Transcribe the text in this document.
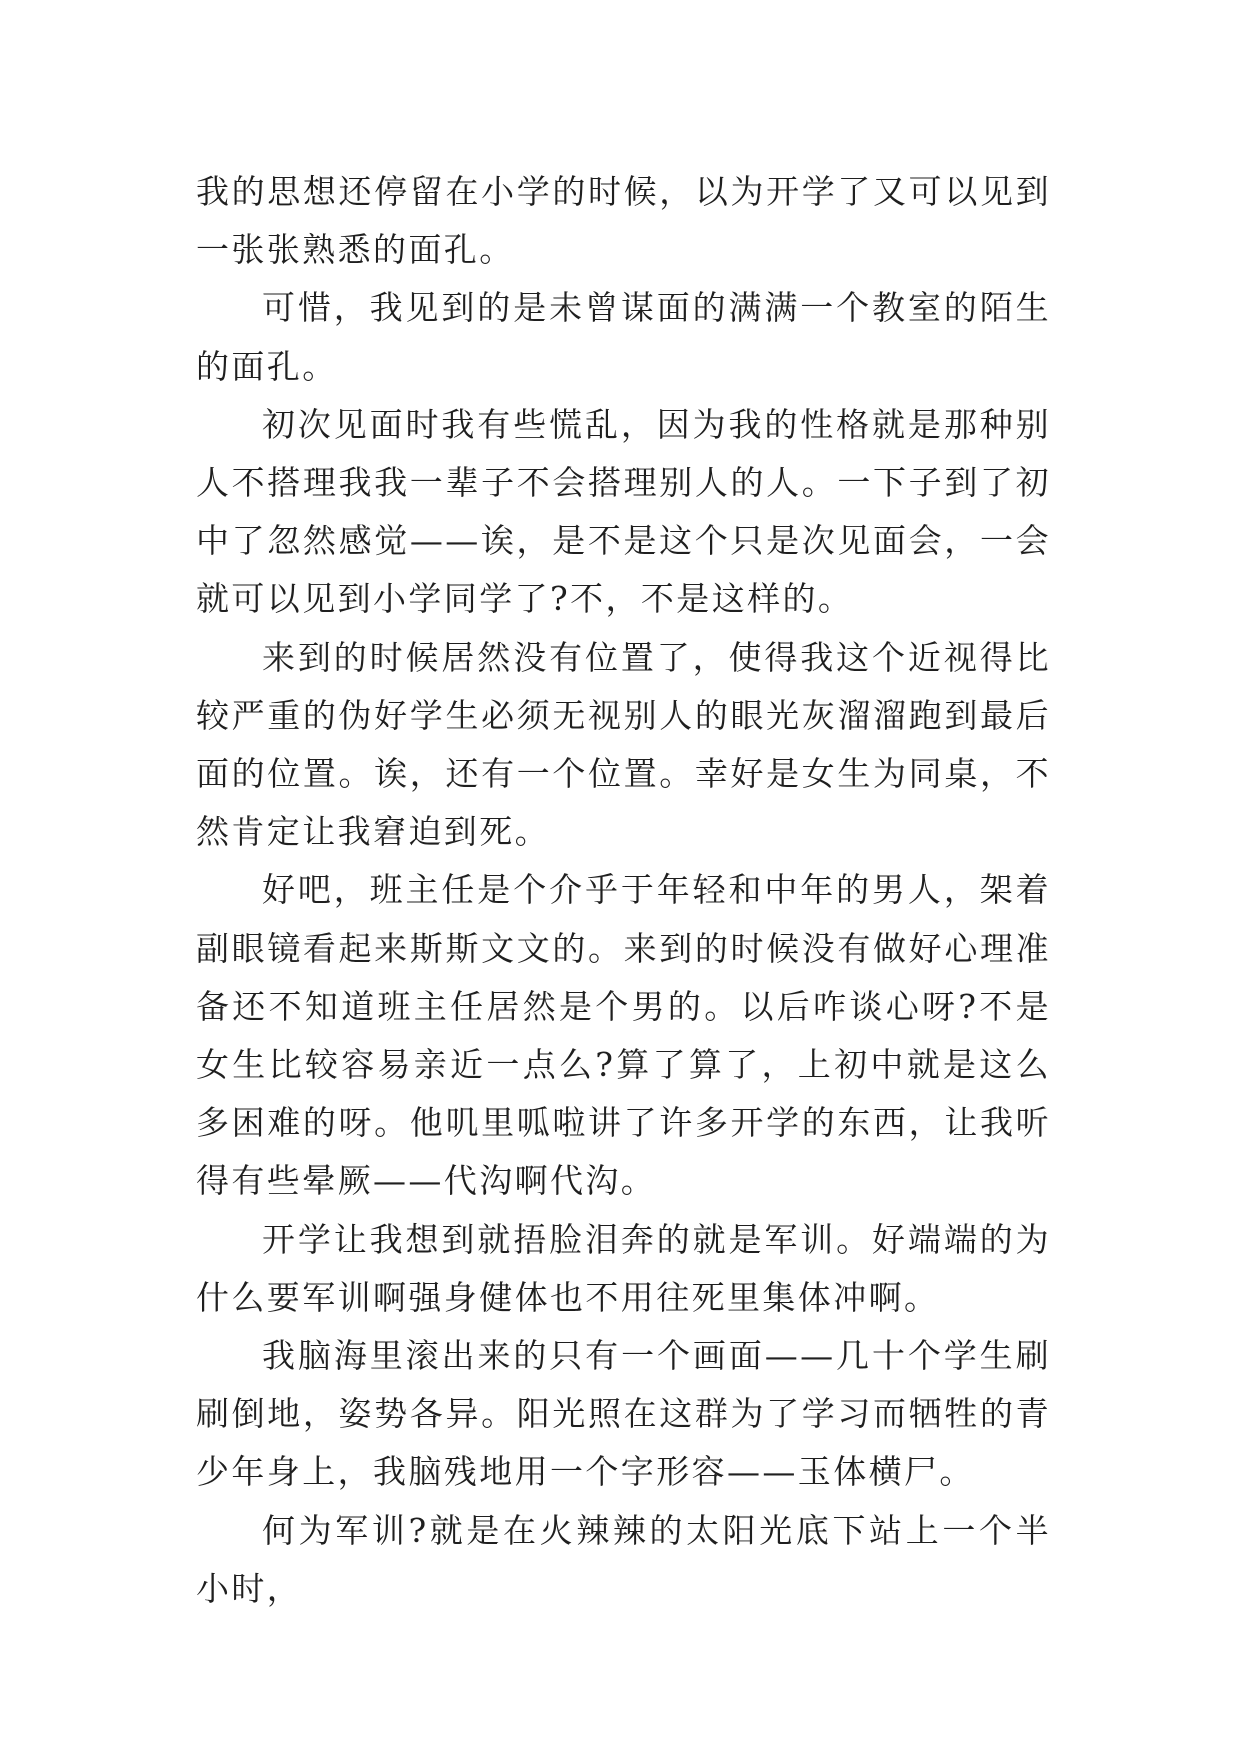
我的思想还停留在小学的时候，以为开学了又可以见到一张张熟悉的面孔。

可惜，我见到的是未曾谋面的满满一个教室的陌生的面孔。

初次见面时我有些慌乱，因为我的性格就是那种别人不搭理我我一辈子不会搭理别人的人。一下子到了初中了忽然感觉——诶，是不是这个只是次见面会，一会就可以见到小学同学了?不，不是这样的。

来到的时候居然没有位置了，使得我这个近视得比较严重的伪好学生必须无视别人的眼光灰溜溜跑到最后面的位置。诶，还有一个位置。幸好是女生为同桌，不然肯定让我窘迫到死。

好吧，班主任是个介乎于年轻和中年的男人，架着副眼镜看起来斯斯文文的。来到的时候没有做好心理准备还不知道班主任居然是个男的。以后咋谈心呀?不是女生比较容易亲近一点么?算了算了，上初中就是这么多困难的呀。他叽里呱啦讲了许多开学的东西，让我听得有些晕厥——代沟啊代沟。

开学让我想到就捂脸泪奔的就是军训。好端端的为什么要军训啊强身健体也不用往死里集体冲啊。

我脑海里滚出来的只有一个画面——几十个学生刷刷倒地，姿势各异。阳光照在这群为了学习而牺牲的青少年身上，我脑残地用一个字形容——玉体横尸。

何为军训?就是在火辣辣的太阳光底下站上一个半小时，
